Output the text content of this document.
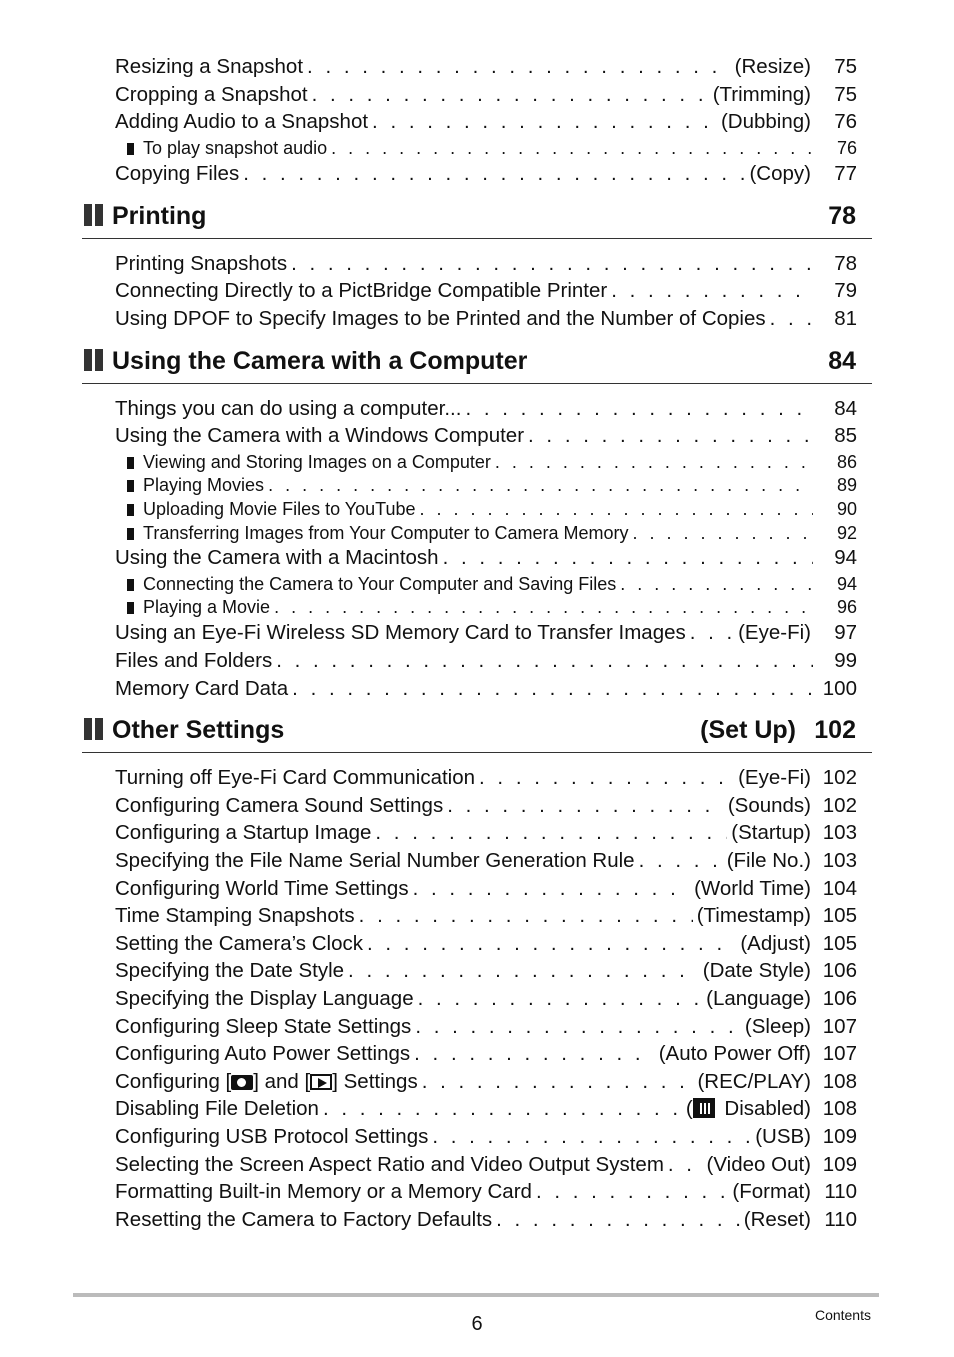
Resizing a Snapshot . . .	(Resize)	75
Cropping a Snapshot . . .	(Trimming)	75
Adding Audio to a Snapshot . . .	(Dubbing)	76
To play snapshot audio . . .	76
Copying Files . . .	(Copy)	77
Printing	78
Printing Snapshots . . .	78
Connecting Directly to a PictBridge Compatible Printer . . .	79
Using DPOF to Specify Images to be Printed and the Number of Copies . . .	81
Using the Camera with a Computer	84
Things you can do using a computer... . . .	84
Using the Camera with a Windows Computer . . .	85
Viewing and Storing Images on a Computer . . .	86
Playing Movies . . .	89
Uploading Movie Files to YouTube . . .	90
Transferring Images from Your Computer to Camera Memory . . .	92
Using the Camera with a Macintosh . . .	94
Connecting the Camera to Your Computer and Saving Files . . .	94
Playing a Movie . . .	96
Using an Eye-Fi Wireless SD Memory Card to Transfer Images . . .	(Eye-Fi)	97
Files and Folders . . .	99
Memory Card Data . . .	100
Other Settings	(Set Up) 102
Turning off Eye-Fi Card Communication . . .	(Eye-Fi) 102
Configuring Camera Sound Settings . . .	(Sounds) 102
Configuring a Startup Image . . .	(Startup) 103
Specifying the File Name Serial Number Generation Rule . . .	(File No.) 103
Configuring World Time Settings . . .	(World Time) 104
Time Stamping Snapshots . . .	(Timestamp) 105
Setting the Camera’s Clock . . .	(Adjust) 105
Specifying the Date Style . . .	(Date Style) 106
Specifying the Display Language . . .	(Language) 106
Configuring Sleep State Settings . . .	(Sleep) 107
Configuring Auto Power Settings . . .	(Auto Power Off) 107
Configuring [ ] and [ ] Settings . . .	(REC/PLAY) 108
Disabling File Deletion . . .	( Disabled) 108
Configuring USB Protocol Settings . . .	(USB) 109
Selecting the Screen Aspect Ratio and Video Output System . . . (Video Out) 109
Formatting Built-in Memory or a Memory Card . . .	(Format) 110
Resetting the Camera to Factory Defaults . . .	(Reset) 110
6	Contents
